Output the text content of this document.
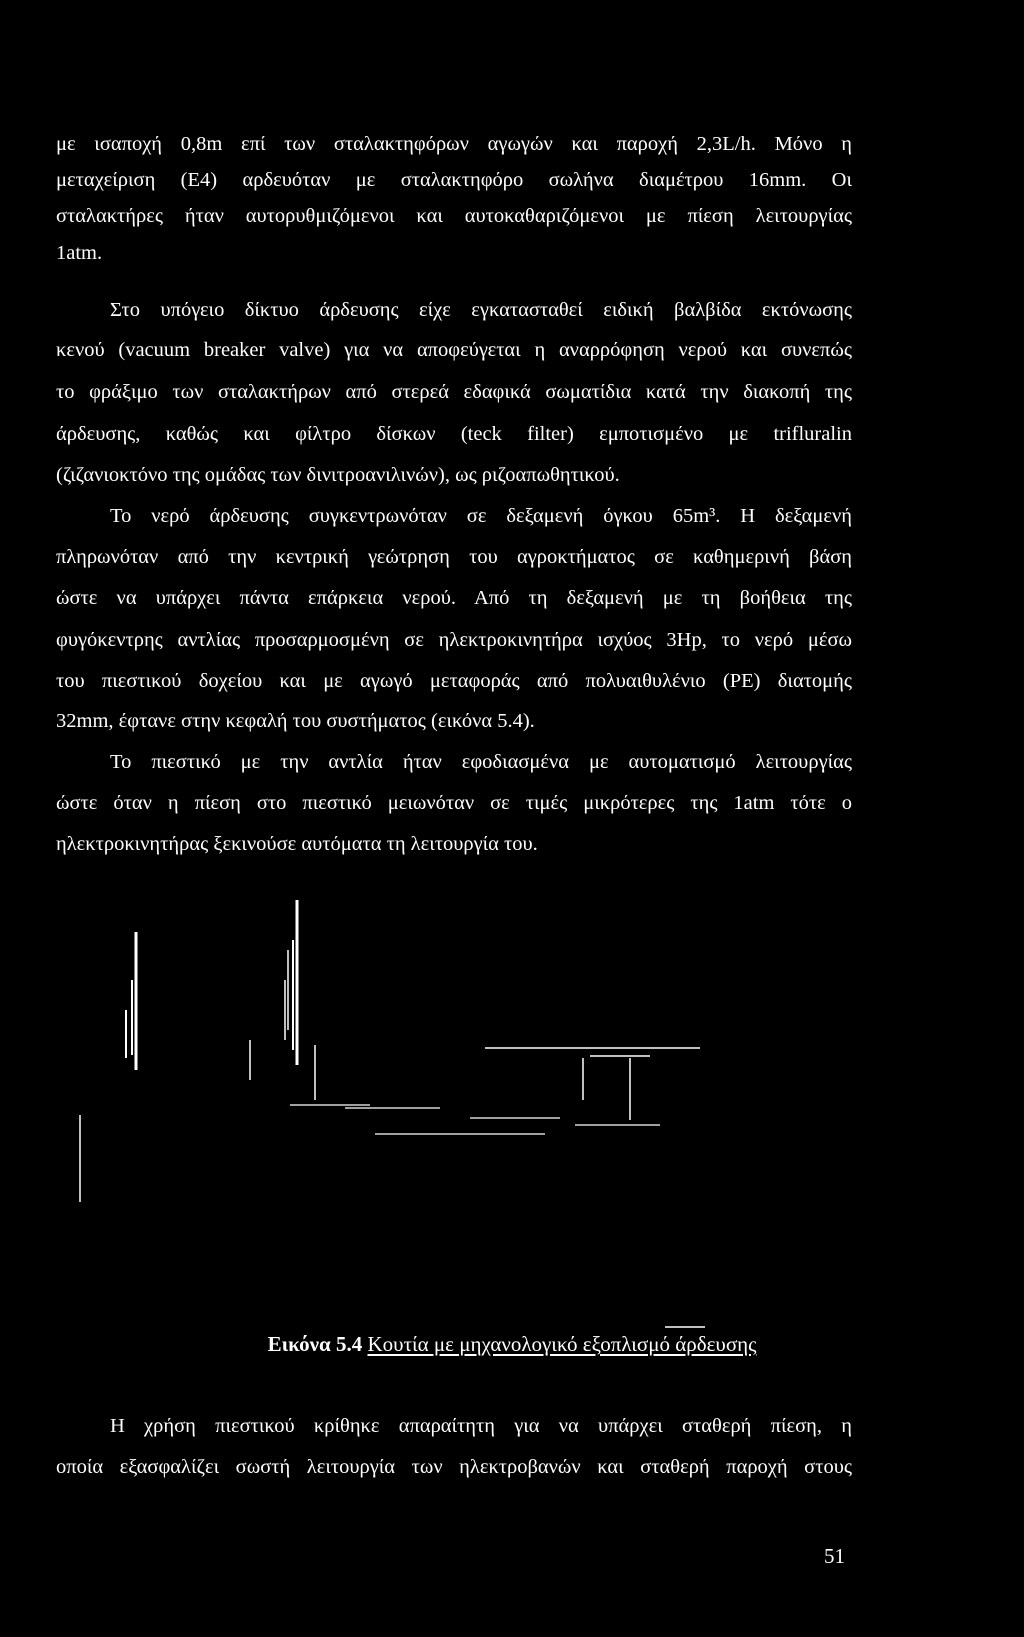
με ισαποχή 0,8m επί των σταλακτηφόρων αγωγών και παροχή 2,3L/h. Μόνο η
μεταχείριση (Ε4) αρδευόταν με σταλακτηφόρο σωλήνα διαμέτρου 16mm. Οι
σταλακτήρες ήταν αυτορυθμιζόμενοι και αυτοκαθαριζόμενοι με πίεση λειτουργίας
1atm.
Στο υπόγειο δίκτυο άρδευσης είχε εγκατασταθεί ειδική βαλβίδα εκτόνωσης
κενού (vacuum breaker valve) για να αποφεύγεται η αναρρόφηση νερού και συνεπώς
το φράξιμο των σταλακτήρων από στερεά εδαφικά σωματίδια κατά την διακοπή της
άρδευσης, καθώς και φίλτρο δίσκων (teck filter) εμποτισμένο με trifluralin
(ζιζανιοκτόνο της ομάδας των δινιτροανιλινών), ως ριζοαπωθητικού.
Το νερό άρδευσης συγκεντρωνόταν σε δεξαμενή όγκου 65m³. Η δεξαμενή
πληρωνόταν από την κεντρική γεώτρηση του αγροκτήματος σε καθημερινή βάση
ώστε να υπάρχει πάντα επάρκεια νερού. Από τη δεξαμενή με τη βοήθεια της
φυγόκεντρης αντλίας προσαρμοσμένη σε ηλεκτροκινητήρα ισχύος 3Hp, το νερό μέσω
του πιεστικού δοχείου και με αγωγό μεταφοράς από πολυαιθυλένιο (PE) διατομής
32mm, έφτανε στην κεφαλή του συστήματος (εικόνα 5.4).
Το πιεστικό με την αντλία ήταν εφοδιασμένα με αυτοματισμό λειτουργίας
ώστε όταν η πίεση στο πιεστικό μειωνόταν σε τιμές μικρότερες της 1atm τότε ο
ηλεκτροκινητήρας ξεκινούσε αυτόματα τη λειτουργία του.
Εικόνα 5.4 Κουτία με μηχανολογικό εξοπλισμό άρδευσης
Η χρήση πιεστικού κρίθηκε απαραίτητη για να υπάρχει σταθερή πίεση, η
οποία εξασφαλίζει σωστή λειτουργία των ηλεκτροβανών και σταθερή παροχή στους
51
